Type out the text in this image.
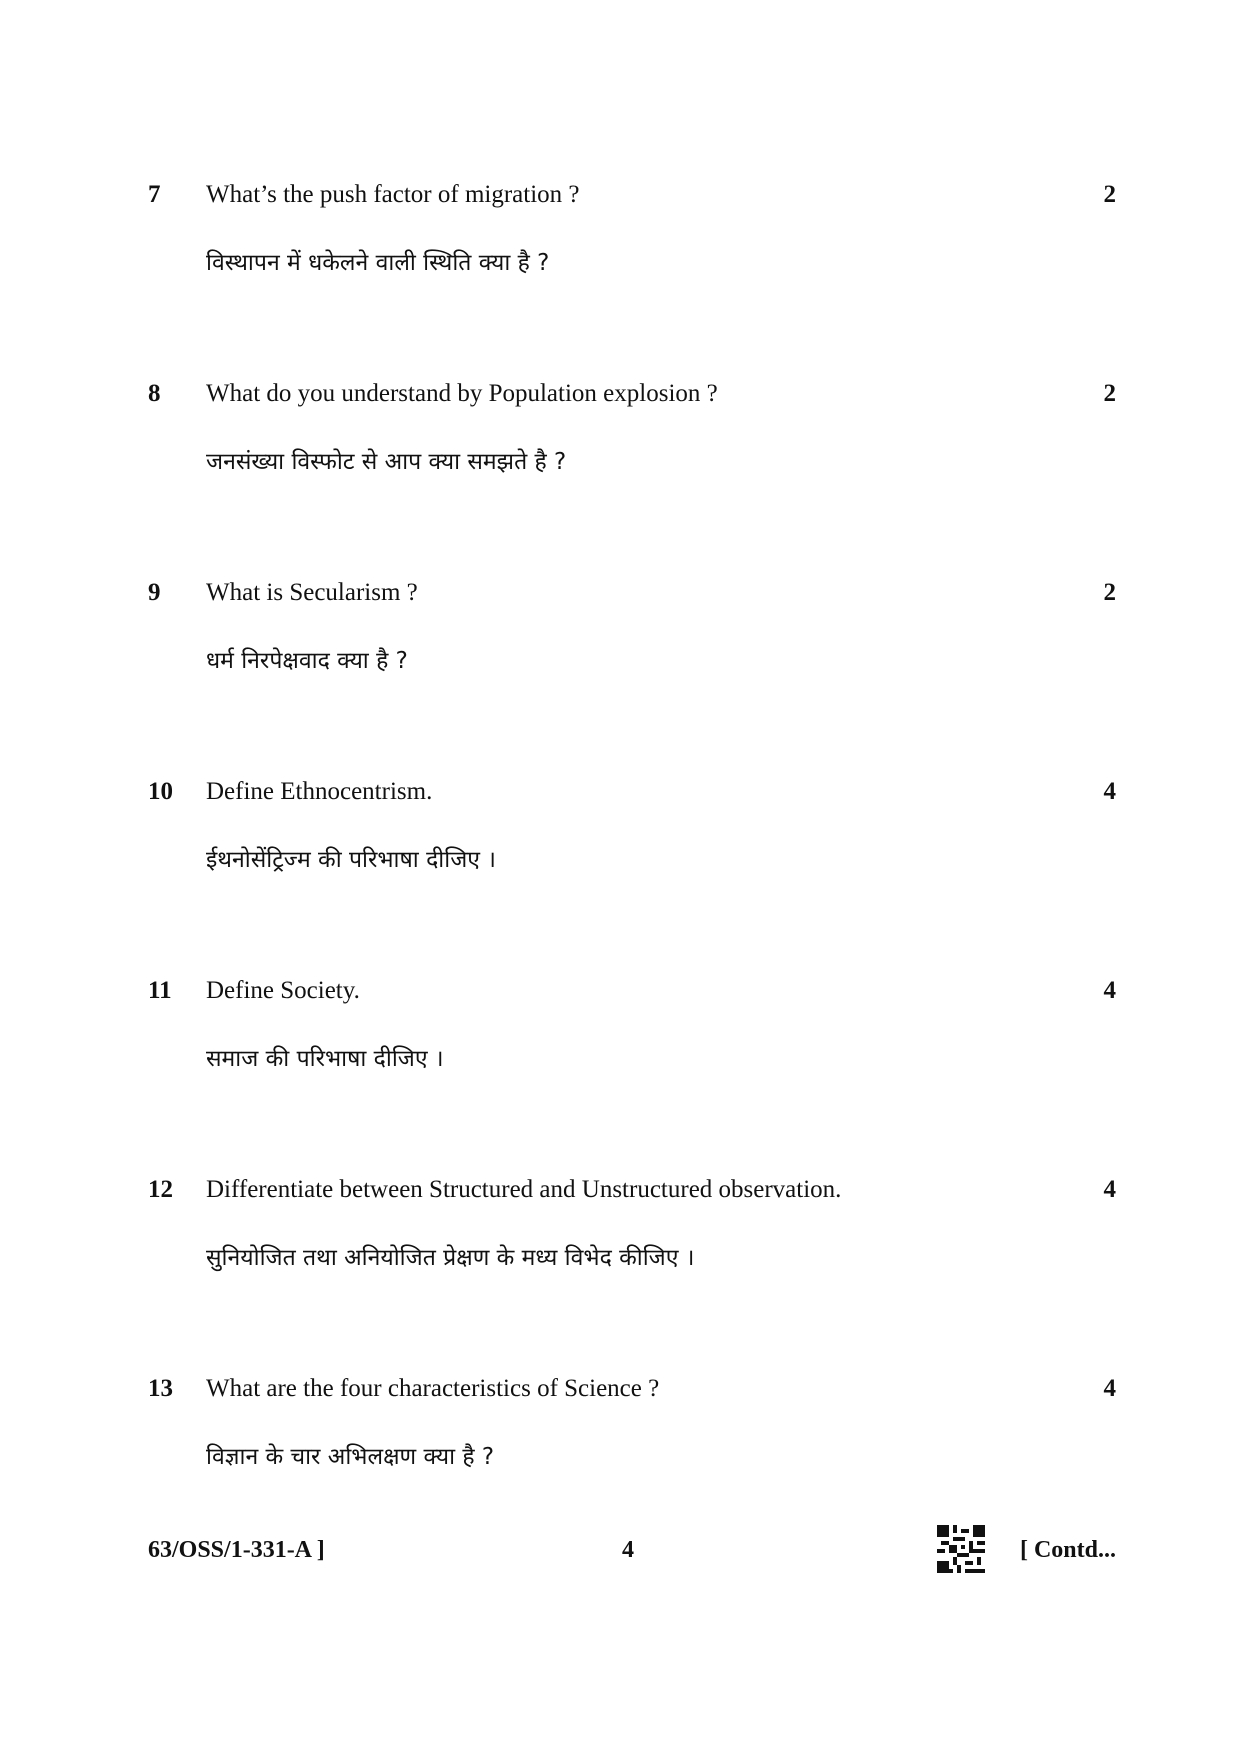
7 What’s the push factor of migration ?	2
विस्थापन में धकेलने वाली स्थिति क्या है ?
8 What do you understand by Population explosion ?	2
जनसंख्या विस्फोट से आप क्या समझते है ?
9 What is Secularism ?	2
धर्म निरपेक्षवाद क्या है ?
10 Define Ethnocentrism.	4
ईथनोसेंट्रिज्म की परिभाषा दीजिए ।
11 Define Society.	4
समाज की परिभाषा दीजिए ।
12 Differentiate between Structured and Unstructured observation.	4
सुनियोजित तथा अनियोजित प्रेक्षण के मध्य विभेद कीजिए ।
13 What are the four characteristics of Science ?	4
विज्ञान के चार अभिलक्षण क्या है ?
63/OSS/1-331-A ]	4	[ Contd...
